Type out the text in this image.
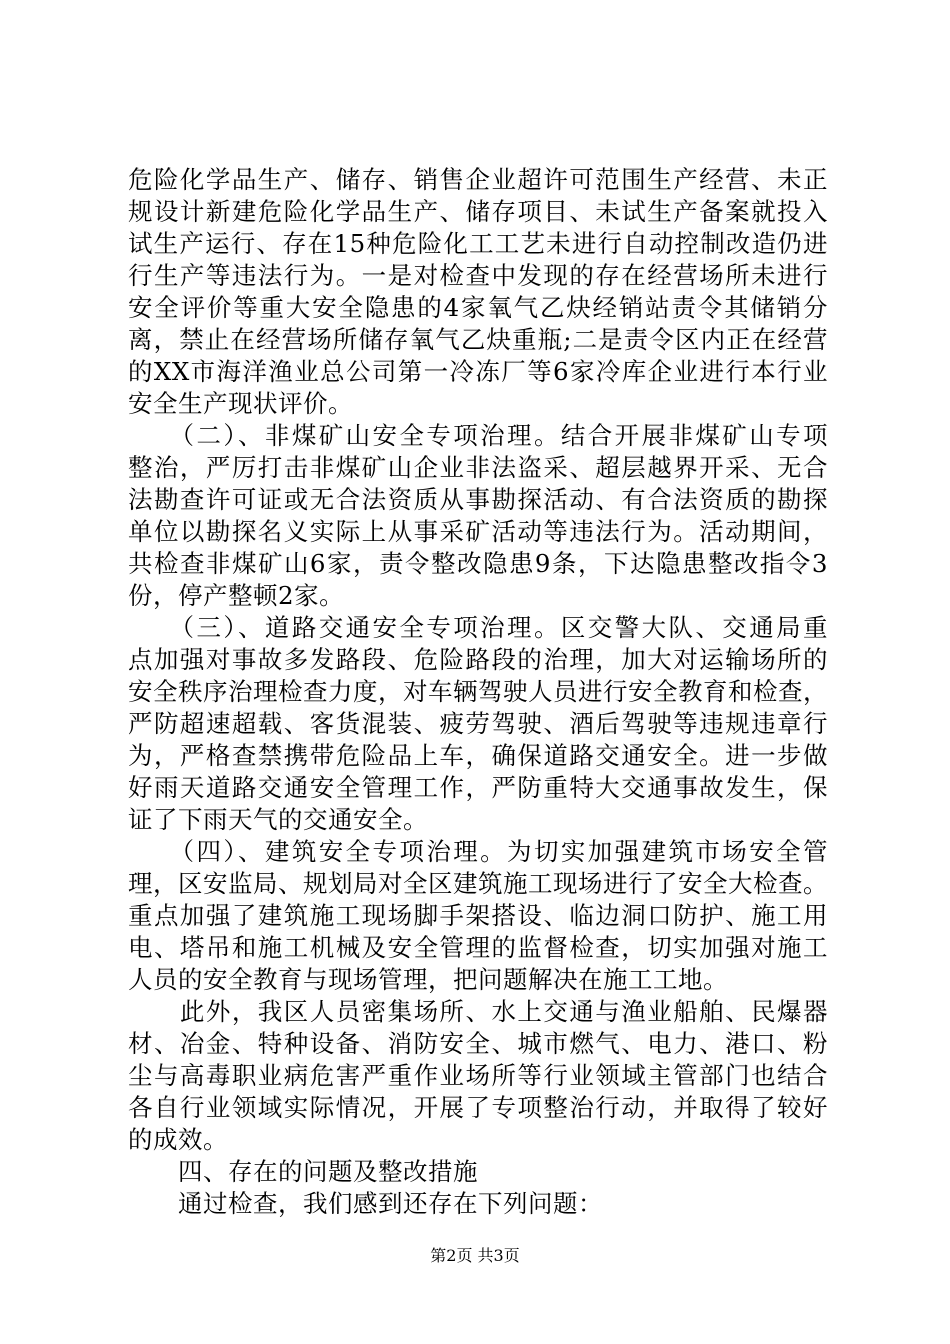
危险化学品生产、储存、销售企业超许可范围生产经营、未正
规设计新建危险化学品生产、储存项目、未试生产备案就投入
试生产运行、存在15种危险化工工艺未进行自动控制改造仍进
行生产等违法行为。一是对检查中发现的存在经营场所未进行
安全评价等重大安全隐患的4家氧气乙炔经销站责令其储销分
离，禁止在经营场所储存氧气乙炔重瓶;二是责令区内正在经营
的XX市海洋渔业总公司第一冷冻厂等6家冷库企业进行本行业
安全生产现状评价。
　　（二）、非煤矿山安全专项治理。结合开展非煤矿山专项
整治，严厉打击非煤矿山企业非法盗采、超层越界开采、无合
法勘查许可证或无合法资质从事勘探活动、有合法资质的勘探
单位以勘探名义实际上从事采矿活动等违法行为。活动期间，
共检查非煤矿山6家，责令整改隐患9条，下达隐患整改指令3
份，停产整顿2家。
　　（三）、道路交通安全专项治理。区交警大队、交通局重
点加强对事故多发路段、危险路段的治理，加大对运输场所的
安全秩序治理检查力度，对车辆驾驶人员进行安全教育和检查，
严防超速超载、客货混装、疲劳驾驶、酒后驾驶等违规违章行
为，严格查禁携带危险品上车，确保道路交通安全。进一步做
好雨天道路交通安全管理工作，严防重特大交通事故发生，保
证了下雨天气的交通安全。
　　（四）、建筑安全专项治理。为切实加强建筑市场安全管
理，区安监局、规划局对全区建筑施工现场进行了安全大检查。
重点加强了建筑施工现场脚手架搭设、临边洞口防护、施工用
电、塔吊和施工机械及安全管理的监督检查，切实加强对施工
人员的安全教育与现场管理，把问题解决在施工工地。
　　此外，我区人员密集场所、水上交通与渔业船舶、民爆器
材、冶金、特种设备、消防安全、城市燃气、电力、港口、粉
尘与高毒职业病危害严重作业场所等行业领域主管部门也结合
各自行业领域实际情况，开展了专项整治行动，并取得了较好
的成效。
　　四、存在的问题及整改措施
　　通过检查，我们感到还存在下列问题：
第2页 共3页
